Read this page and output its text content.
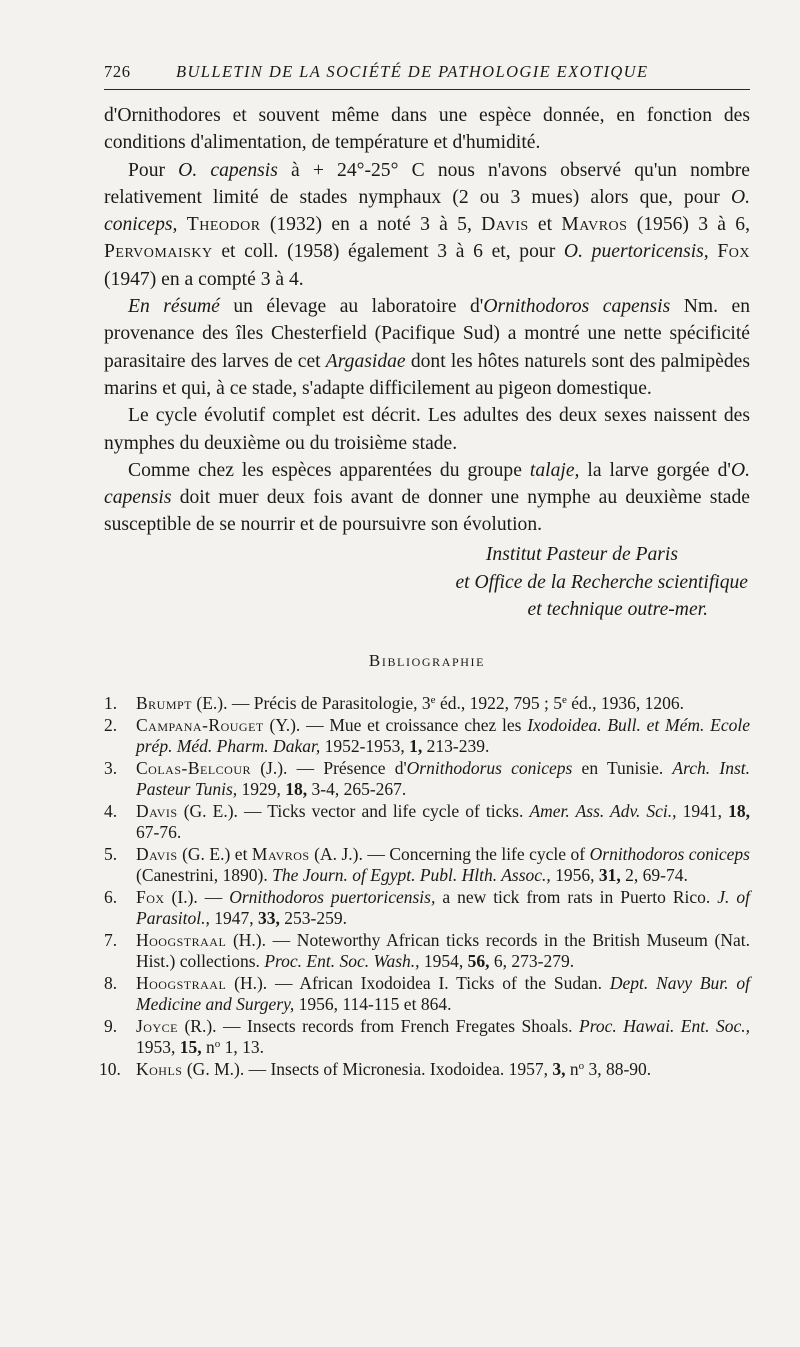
726	BULLETIN DE LA SOCIÉTÉ DE PATHOLOGIE EXOTIQUE

d'Ornithodores et souvent même dans une espèce donnée, en fonction des conditions d'alimentation, de température et d'humidité.

Pour O. capensis à + 24°-25° C nous n'avons observé qu'un nombre relativement limité de stades nymphaux (2 ou 3 mues) alors que, pour O. coniceps, Theodor (1932) en a noté 3 à 5, Davis et Mavros (1956) 3 à 6, Pervomaisky et coll. (1958) également 3 à 6 et, pour O. puertoricensis, Fox (1947) en a compté 3 à 4.

En résumé un élevage au laboratoire d'Ornithodoros capensis Nm. en provenance des îles Chesterfield (Pacifique Sud) a montré une nette spécificité parasitaire des larves de cet Argasidae dont les hôtes naturels sont des palmipèdes marins et qui, à ce stade, s'adapte difficilement au pigeon domestique.

Le cycle évolutif complet est décrit. Les adultes des deux sexes naissent des nymphes du deuxième ou du troisième stade.

Comme chez les espèces apparentées du groupe talaje, la larve gorgée d'O. capensis doit muer deux fois avant de donner une nymphe au deuxième stade susceptible de se nourrir et de poursuivre son évolution.

Institut Pasteur de Paris
et Office de la Recherche scientifique
et technique outre-mer.
Bibliographie
1.	Brumpt (E.). — Précis de Parasitologie, 3e éd., 1922, 795 ; 5e éd., 1936, 1206.
2.	Campana-Rouget (Y.). — Mue et croissance chez les Ixodoidea. Bull. et Mém. Ecole prép. Méd. Pharm. Dakar, 1952-1953, 1, 213-239.
3.	Colas-Belcour (J.). — Présence d'Ornithodorus coniceps en Tunisie. Arch. Inst. Pasteur Tunis, 1929, 18, 3-4, 265-267.
4.	Davis (G. E.). — Ticks vector and life cycle of ticks. Amer. Ass. Adv. Sci., 1941, 18, 67-76.
5.	Davis (G. E.) et Mavros (A. J.). — Concerning the life cycle of Ornithodoros coniceps (Canestrini, 1890). The Journ. of Egypt. Publ. Hlth. Assoc., 1956, 31, 2, 69-74.
6.	Fox (I.). — Ornithodoros puertoricensis, a new tick from rats in Puerto Rico. J. of Parasitol., 1947, 33, 253-259.
7.	Hoogstraal (H.). — Noteworthy African ticks records in the British Museum (Nat. Hist.) collections. Proc. Ent. Soc. Wash., 1954, 56, 6, 273-279.
8.	Hoogstraal (H.). — African Ixodoidea I. Ticks of the Sudan. Dept. Navy Bur. of Medicine and Surgery, 1956, 114-115 et 864.
9.	Joyce (R.). — Insects records from French Fregates Shoals. Proc. Hawai. Ent. Soc., 1953, 15, $n^o$ 1, 13.
10. Kohls (G. M.). — Insects of Micronesia. Ixodoidea. 1957, 3, $n^o$ 3, 88-90.
